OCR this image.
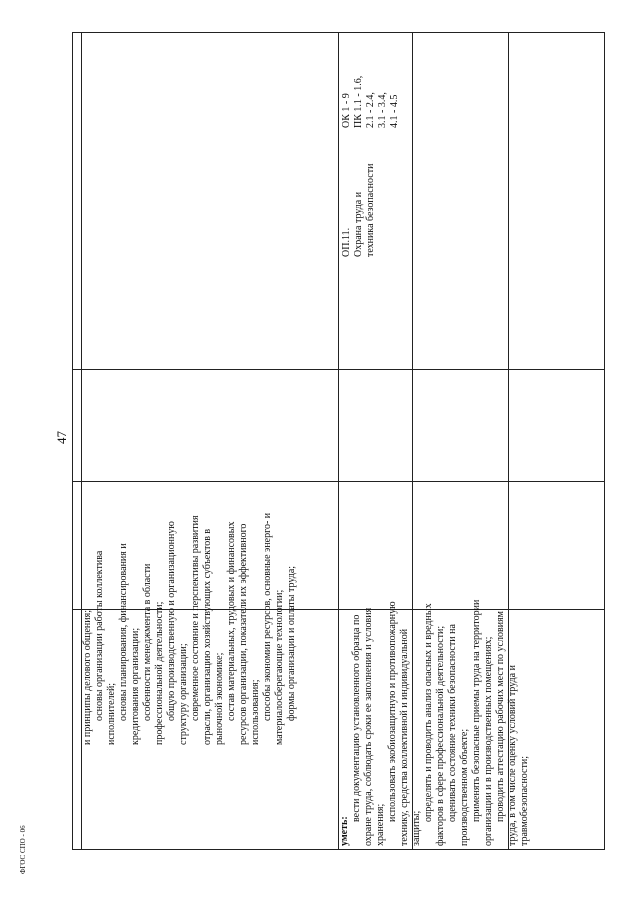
47
ФГОС СПО - 06
и принципы делового общения; основы организации работы коллектива исполнителей; основы планирования, финансирования и кредитования организации; особенности менеджмента в области профессиональной деятельности; общую производственную и организационную структуру организации; современное состояние и перспективы развития отрасли, организацию хозяйствующих субъектов в рыночной экономике; состав материальных, трудовых и финансовых ресурсов организации, показатели их эффективного использования; способы экономии ресурсов, основные энерго- и материалосберегающие технологии; формы организации и оплаты труда;
уметь:
вести документацию установленного образца по охране труда, соблюдать сроки ее заполнения и условия хранения;
использовать экобиозащитную и противопожарную технику, средства коллективной и индивидуальной защиты;
определять и проводить анализ опасных и вредных факторов в сфере профессиональной деятельности; оценивать состояние техники безопасности на производственном объекте; применять безопасные приемы труда на территории организации и в производственных помещениях; проводить аттестацию рабочих мест по условиям труда, в том числе оценку условий труда и травмобезопасности;
ОП.11. Охрана труда и техника безопасности
ОК 1 - 9 ПК 1.1 - 1.6, 2.1 - 2.4, 3.1 - 3.4, 4.1 - 4.5
